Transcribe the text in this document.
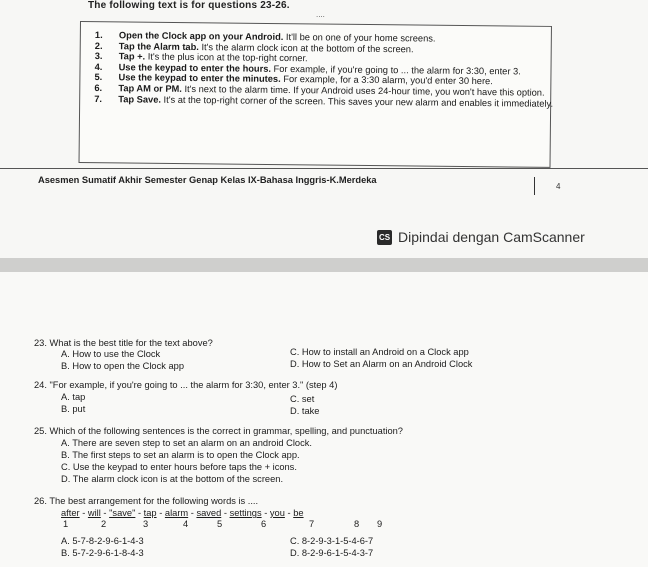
The following text is for questions 23-26.
....
1.	Open the Clock app on your Android. It'll be on one of your home screens.
2.	Tap the Alarm tab. It's the alarm clock icon at the bottom of the screen.
3.	Tap +. It's the plus icon at the top-right corner.
4.	Use the keypad to enter the hours. For example, if you're going to ... the alarm for 3:30, enter 3.
5.	Use the keypad to enter the minutes. For example, for a 3:30 alarm, you'd enter 30 here.
6.	Tap AM or PM. It's next to the alarm time. If your Android uses 24-hour time, you won't have this option.
7.	Tap Save. It's at the top-right corner of the screen. This saves your new alarm and enables it immediately.
Asesmen Sumatif Akhir Semester Genap Kelas IX-Bahasa Inggris-K.Merdeka
4
CS Dipindai dengan CamScanner
23. What is the best title for the text above?
A. How to use the Clock
B. How to open the Clock app
C. How to install an Android on a Clock app
D. How to Set an Alarm on an Android Clock
24. "For example, if you're going to ... the alarm for 3:30, enter 3." (step 4)
A. tap
B. put
C. set
D. take
25. Which of the following sentences is the correct in grammar, spelling, and punctuation?
A. There are seven step to set an alarm on an android Clock.
B. The first steps to set an alarm is to open the Clock app.
C. Use the keypad to enter hours before taps the + icons.
D. The alarm clock icon is at the bottom of the screen.
26. The best arrangement for the following words is ....
after - will - "save" - tap - alarm - saved - settings - you - be
1	2	3	4	5	6	7	8 9
A. 5-7-8-2-9-6-1-4-3
B. 5-7-2-9-6-1-8-4-3
C. 8-2-9-3-1-5-4-6-7
D. 8-2-9-6-1-5-4-3-7
